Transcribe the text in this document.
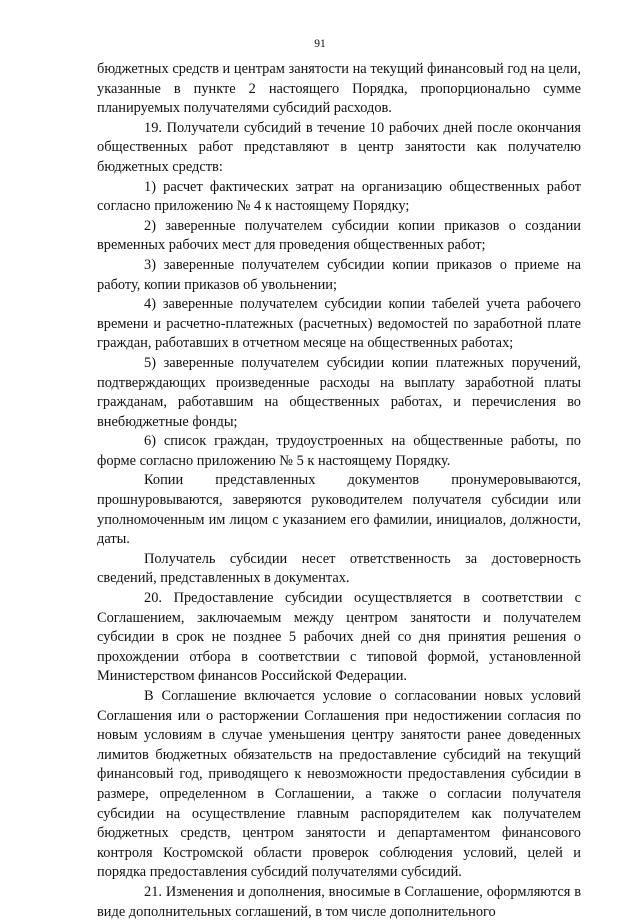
91

бюджетных средств и центрам занятости на текущий финансовый год на цели, указанные в пункте 2 настоящего Порядка, пропорционально сумме планируемых получателями субсидий расходов.

19. Получатели субсидий в течение 10 рабочих дней после окончания общественных работ представляют в центр занятости как получателю бюджетных средств:

1) расчет фактических затрат на организацию общественных работ согласно приложению № 4 к настоящему Порядку;

2) заверенные получателем субсидии копии приказов о создании временных рабочих мест для проведения общественных работ;

3) заверенные получателем субсидии копии приказов о приеме на работу, копии приказов об увольнении;

4) заверенные получателем субсидии копии табелей учета рабочего времени и расчетно-платежных (расчетных) ведомостей по заработной плате граждан, работавших в отчетном месяце на общественных работах;

5) заверенные получателем субсидии копии платежных поручений, подтверждающих произведенные расходы на выплату заработной платы гражданам, работавшим на общественных работах, и перечисления во внебюджетные фонды;

6) список граждан, трудоустроенных на общественные работы, по форме согласно приложению № 5 к настоящему Порядку.

Копии представленных документов пронумеровываются, прошнуровываются, заверяются руководителем получателя субсидии или уполномоченным им лицом с указанием его фамилии, инициалов, должности, даты.

Получатель субсидии несет ответственность за достоверность сведений, представленных в документах.

20. Предоставление субсидии осуществляется в соответствии с Соглашением, заключаемым между центром занятости и получателем субсидии в срок не позднее 5 рабочих дней со дня принятия решения о прохождении отбора в соответствии с типовой формой, установленной Министерством финансов Российской Федерации.

В Соглашение включается условие о согласовании новых условий Соглашения или о расторжении Соглашения при недостижении согласия по новым условиям в случае уменьшения центру занятости ранее доведенных лимитов бюджетных обязательств на предоставление субсидий на текущий финансовый год, приводящего к невозможности предоставления субсидии в размере, определенном в Соглашении, а также о согласии получателя субсидии на осуществление главным распорядителем как получателем бюджетных средств, центром занятости и департаментом финансового контроля Костромской области проверок соблюдения условий, целей и порядка предоставления субсидий получателями субсидий.

21. Изменения и дополнения, вносимые в Соглашение, оформляются в виде дополнительных соглашений, в том числе дополнительного
